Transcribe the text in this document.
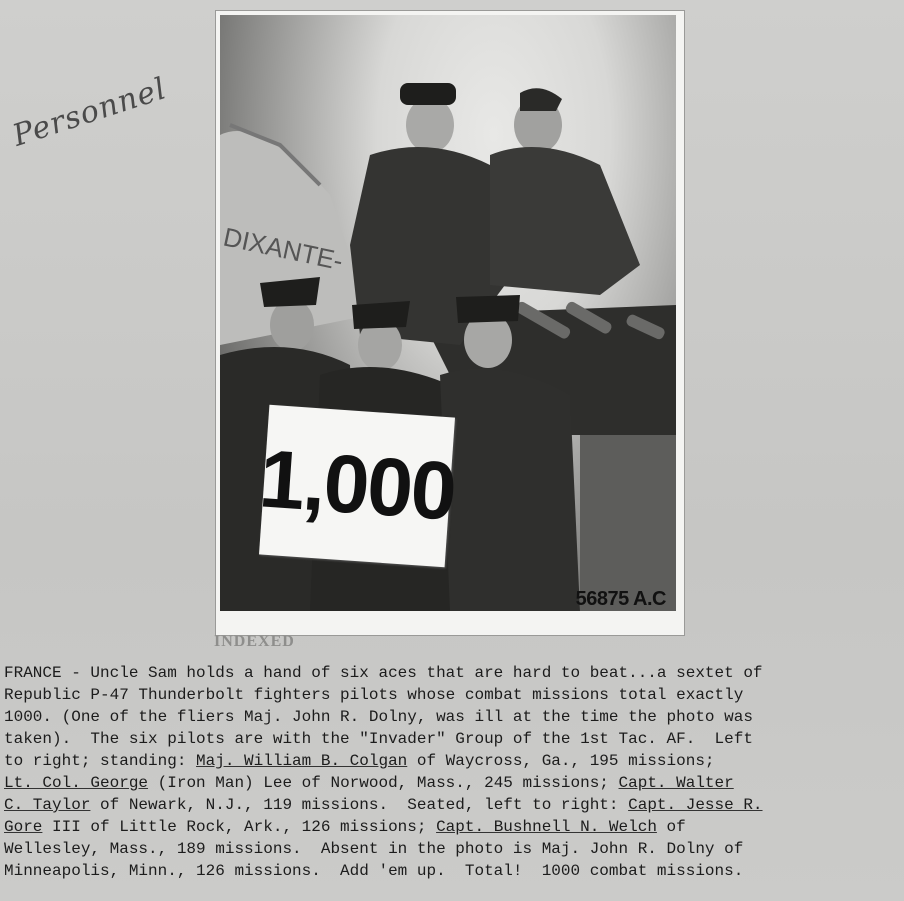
Personnel
DIXANTE-
1,000
56875 A.C
INDEXED
FRANCE - Uncle Sam holds a hand of six aces that are hard to beat...a sextet of
Republic P-47 Thunderbolt fighters pilots whose combat missions total exactly
1000. (One of the fliers Maj. John R. Dolny, was ill at the time the photo was
taken).  The six pilots are with the "Invader" Group of the 1st Tac. AF.  Left
to right; standing: Maj. William B. Colgan of Waycross, Ga., 195 missions;
Lt. Col. George (Iron Man) Lee of Norwood, Mass., 245 missions; Capt. Walter
C. Taylor of Newark, N.J., 119 missions.  Seated, left to right: Capt. Jesse R.
Gore III of Little Rock, Ark., 126 missions; Capt. Bushnell N. Welch of
Wellesley, Mass., 189 missions.  Absent in the photo is Maj. John R. Dolny of
Minneapolis, Minn., 126 missions.  Add 'em up.  Total!  1000 combat missions.
